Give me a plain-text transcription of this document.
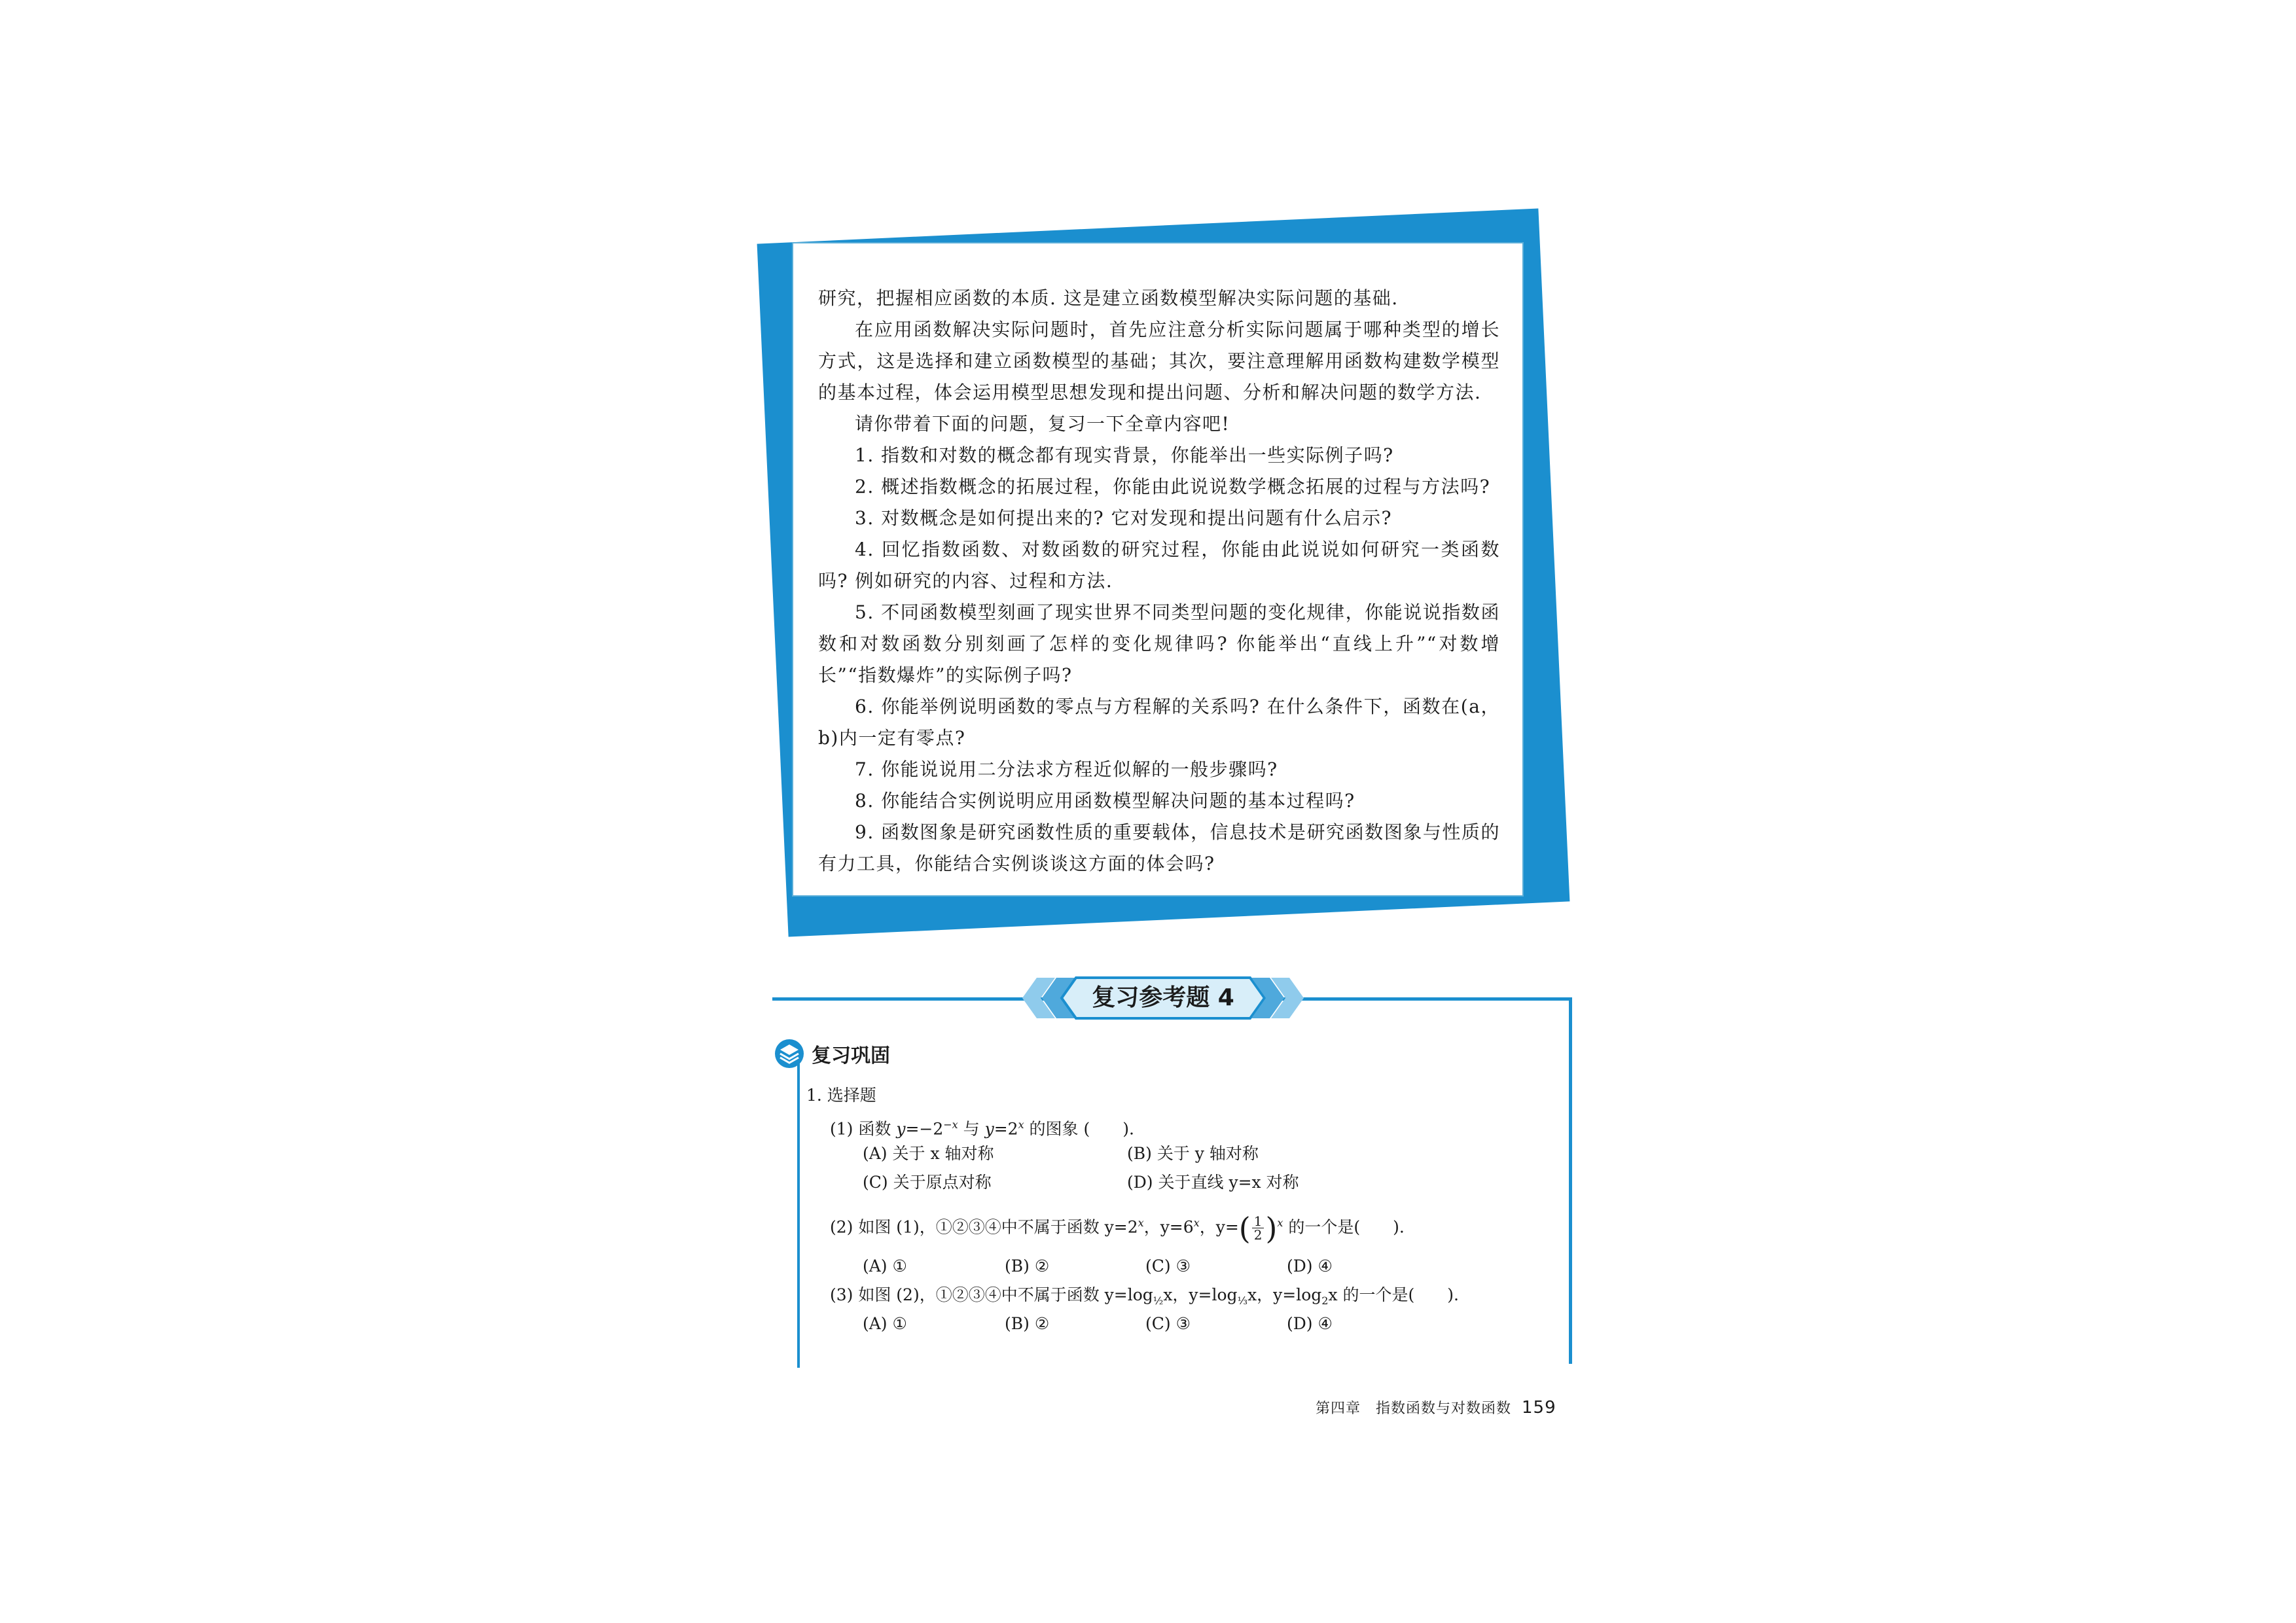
研究，把握相应函数的本质. 这是建立函数模型解决实际问题的基础.

在应用函数解决实际问题时，首先应注意分析实际问题属于哪种类型的增长方式，这是选择和建立函数模型的基础；其次，要注意理解用函数构建数学模型的基本过程，体会运用模型思想发现和提出问题、分析和解决问题的数学方法.

请你带着下面的问题，复习一下全章内容吧!

1. 指数和对数的概念都有现实背景，你能举出一些实际例子吗?

2. 概述指数概念的拓展过程，你能由此说说数学概念拓展的过程与方法吗?

3. 对数概念是如何提出来的? 它对发现和提出问题有什么启示?

4. 回忆指数函数、对数函数的研究过程，你能由此说说如何研究一类函数吗? 例如研究的内容、过程和方法.

5. 不同函数模型刻画了现实世界不同类型问题的变化规律，你能说说指数函数和对数函数分别刻画了怎样的变化规律吗? 你能举出“直线上升”“对数增长”“指数爆炸”的实际例子吗?

6. 你能举例说明函数的零点与方程解的关系吗? 在什么条件下，函数在(a，b)内一定有零点?

7. 你能说说用二分法求方程近似解的一般步骤吗?

8. 你能结合实例说明应用函数模型解决问题的基本过程吗?

9. 函数图象是研究函数性质的重要载体，信息技术是研究函数图象与性质的有力工具，你能结合实例谈谈这方面的体会吗?

复习参考题 4
复习巩固
1. 选择题
(1) 函数 $y=-2^{-x}$ 与 $y=2^x$ 的图象 (　　).
(A) 关于 x 轴对称	(B) 关于 y 轴对称
(C) 关于原点对称	(D) 关于直线 y=x 对称
(2) 如图 (1)，①②③④中不属于函数 $y=2^x$，$y=6^x$，$y=( \frac{1}{2} )^x$ 的一个是(　　).
(A) ①	(B) ②	(C) ③	(D) ④
(3) 如图 (2)，①②③④中不属于函数 $y=\log_{\frac{1}{2}}x$，$y=\log_{\frac{1}{3}}x$，$y=\log_2x$ 的一个是(　　).
(A) ①	(B) ②	(C) ③	(D) ④
第四章　指数函数与对数函数 159
